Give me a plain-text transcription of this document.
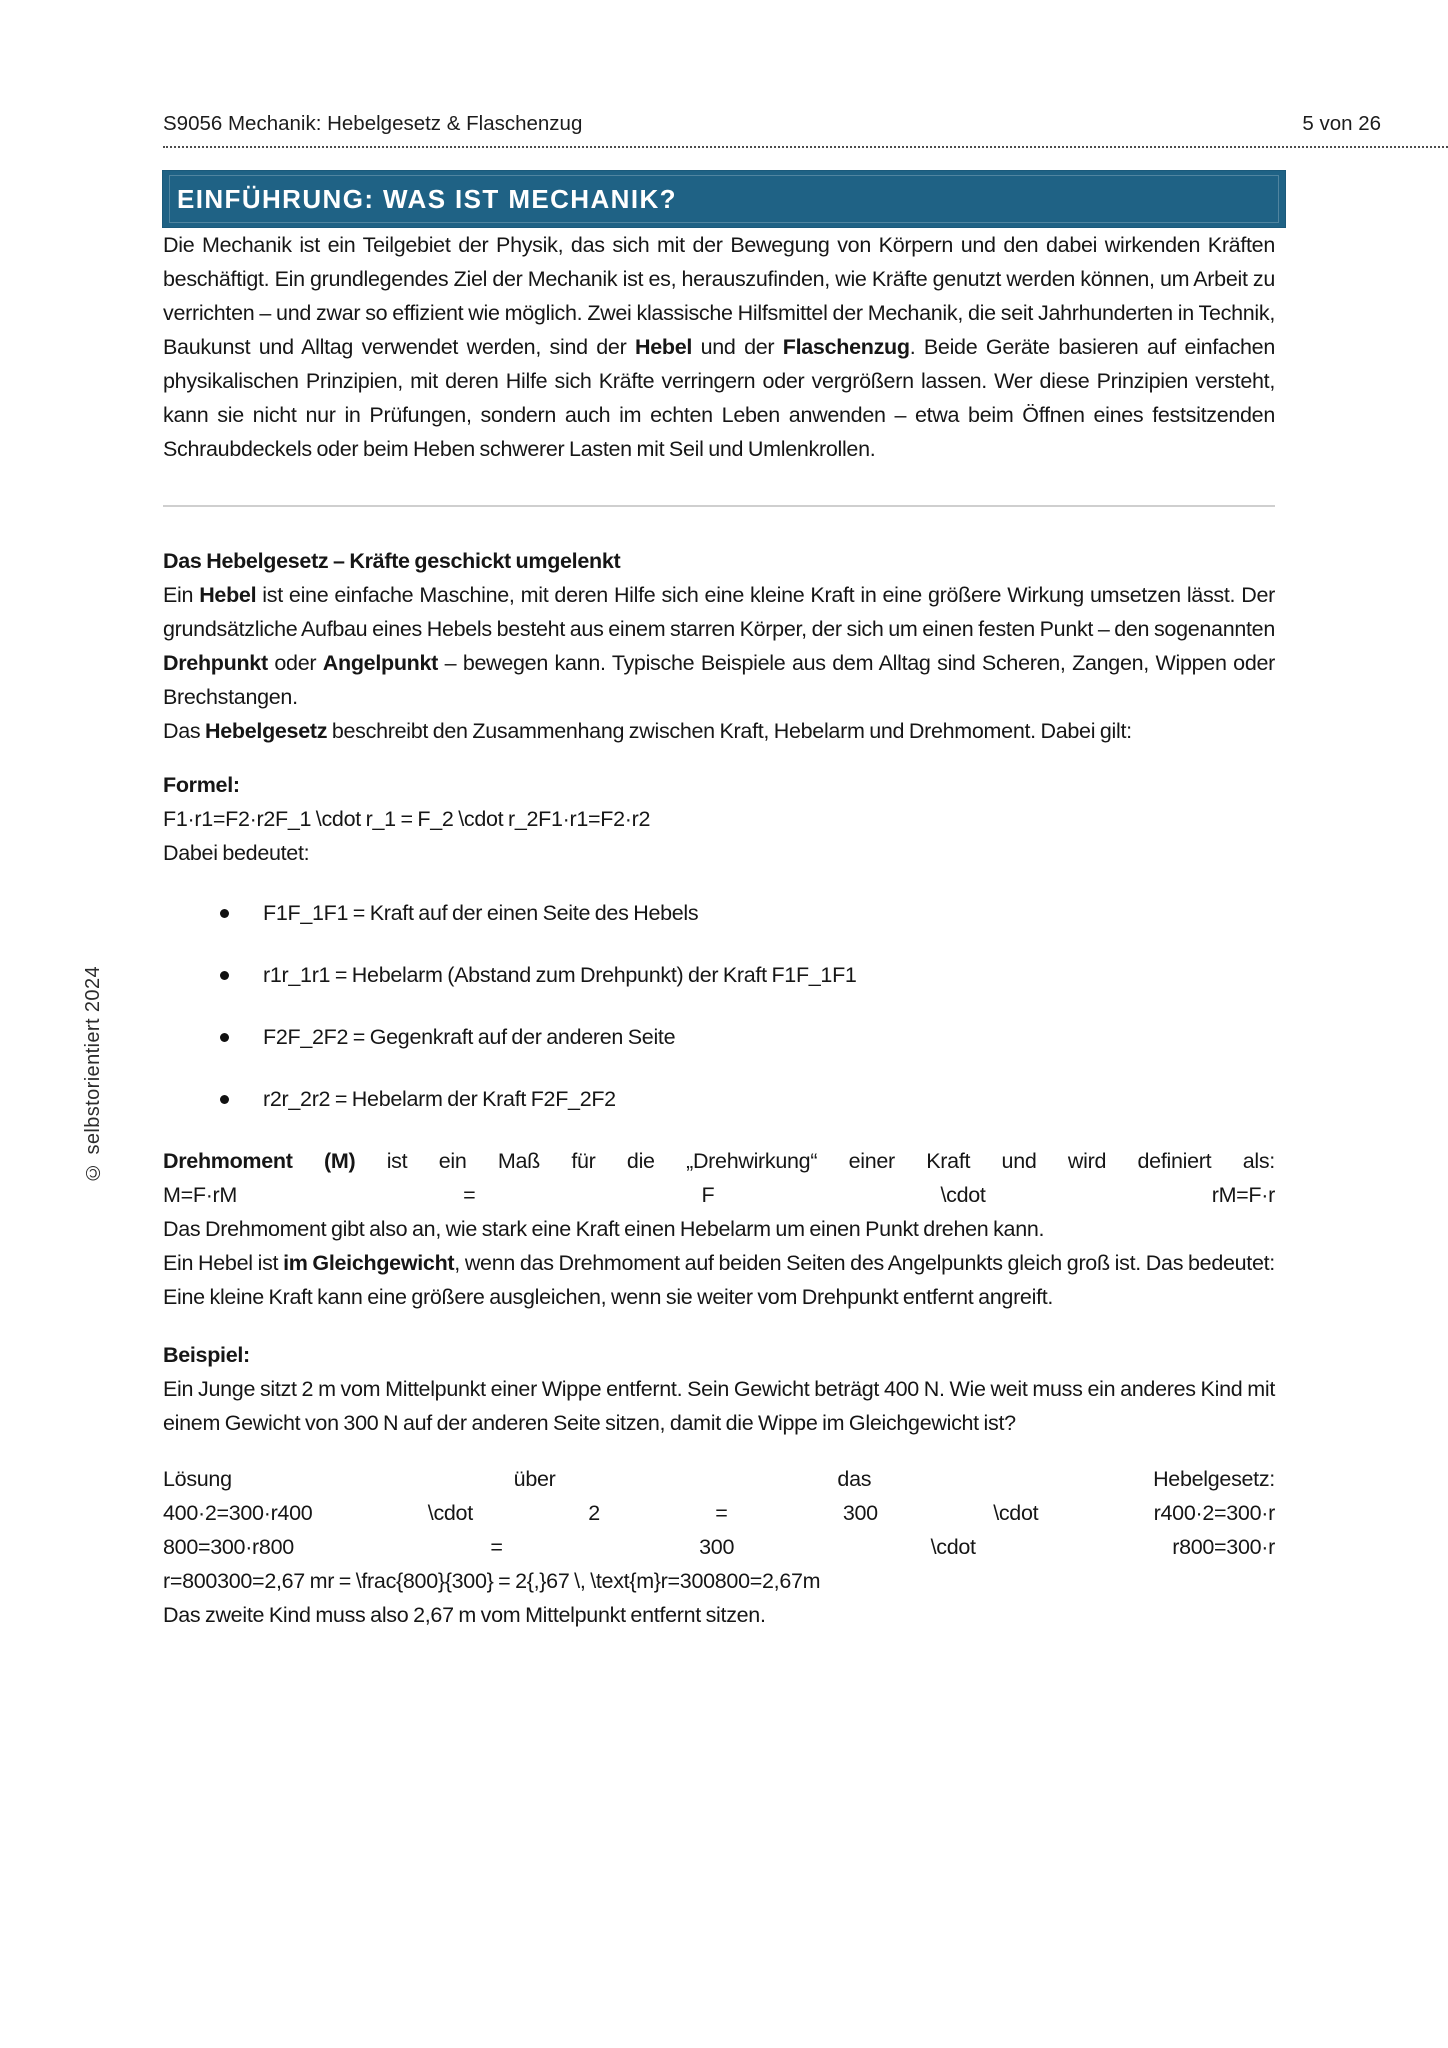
S9056 Mechanik: Hebelgesetz & Flaschenzug	5 von 26
EINFÜHRUNG: WAS IST MECHANIK?
© selbstorientiert 2024

Die Mechanik ist ein Teilgebiet der Physik, das sich mit der Bewegung von Körpern und den dabei wirkenden Kräften beschäftigt. Ein grundlegendes Ziel der Mechanik ist es, herauszufinden, wie Kräfte genutzt werden können, um Arbeit zu verrichten – und zwar so effizient wie möglich. Zwei klassische Hilfsmittel der Mechanik, die seit Jahrhunderten in Technik, Baukunst und Alltag verwendet werden, sind der Hebel und der Flaschenzug. Beide Geräte basieren auf einfachen physikalischen Prinzipien, mit deren Hilfe sich Kräfte verringern oder vergrößern lassen. Wer diese Prinzipien versteht, kann sie nicht nur in Prüfungen, sondern auch im echten Leben anwenden – etwa beim Öffnen eines festsitzenden Schraubdeckels oder beim Heben schwerer Lasten mit Seil und Umlenkrollen.

Das Hebelgesetz – Kräfte geschickt umgelenkt

Ein Hebel ist eine einfache Maschine, mit deren Hilfe sich eine kleine Kraft in eine größere Wirkung umsetzen lässt. Der grundsätzliche Aufbau eines Hebels besteht aus einem starren Körper, der sich um einen festen Punkt – den sogenannten Drehpunkt oder Angelpunkt – bewegen kann. Typische Beispiele aus dem Alltag sind Scheren, Zangen, Wippen oder Brechstangen.

Das Hebelgesetz beschreibt den Zusammenhang zwischen Kraft, Hebelarm und Drehmoment. Dabei gilt:

Formel:
F1·r1=F2·r2F_1 \cdot r_1 = F_2 \cdot r_2F1·r1=F2·r2

Dabei bedeutet:

F1F_1F1 = Kraft auf der einen Seite des Hebels
r1r_1r1 = Hebelarm (Abstand zum Drehpunkt) der Kraft F1F_1F1
F2F_2F2 = Gegenkraft auf der anderen Seite
r2r_2r2 = Hebelarm der Kraft F2F_2F2
Drehmoment (M) ist ein Maß für die „Drehwirkung“ einer Kraft und wird definiert als:
M=F·rM	=	F	\cdot	rM=F·r
Das Drehmoment gibt also an, wie stark eine Kraft einen Hebelarm um einen Punkt drehen kann.

Ein Hebel ist im Gleichgewicht, wenn das Drehmoment auf beiden Seiten des Angelpunkts gleich groß ist. Das bedeutet: Eine kleine Kraft kann eine größere ausgleichen, wenn sie weiter vom Drehpunkt entfernt angreift.

Beispiel:

Ein Junge sitzt 2 m vom Mittelpunkt einer Wippe entfernt. Sein Gewicht beträgt 400 N. Wie weit muss ein anderes Kind mit einem Gewicht von 300 N auf der anderen Seite sitzen, damit die Wippe im Gleichgewicht ist?

Lösung	über	das	Hebelgesetz:
400·2=300·r400	\cdot	2	=	300	\cdot	r400·2=300·r
800=300·r800	=	300	\cdot	r800=300·r
r=800300=2,67 mr = \frac{800}{300} = 2{,}67 \, \text{m}r=300800=2,67m

Das zweite Kind muss also 2,67 m vom Mittelpunkt entfernt sitzen.
